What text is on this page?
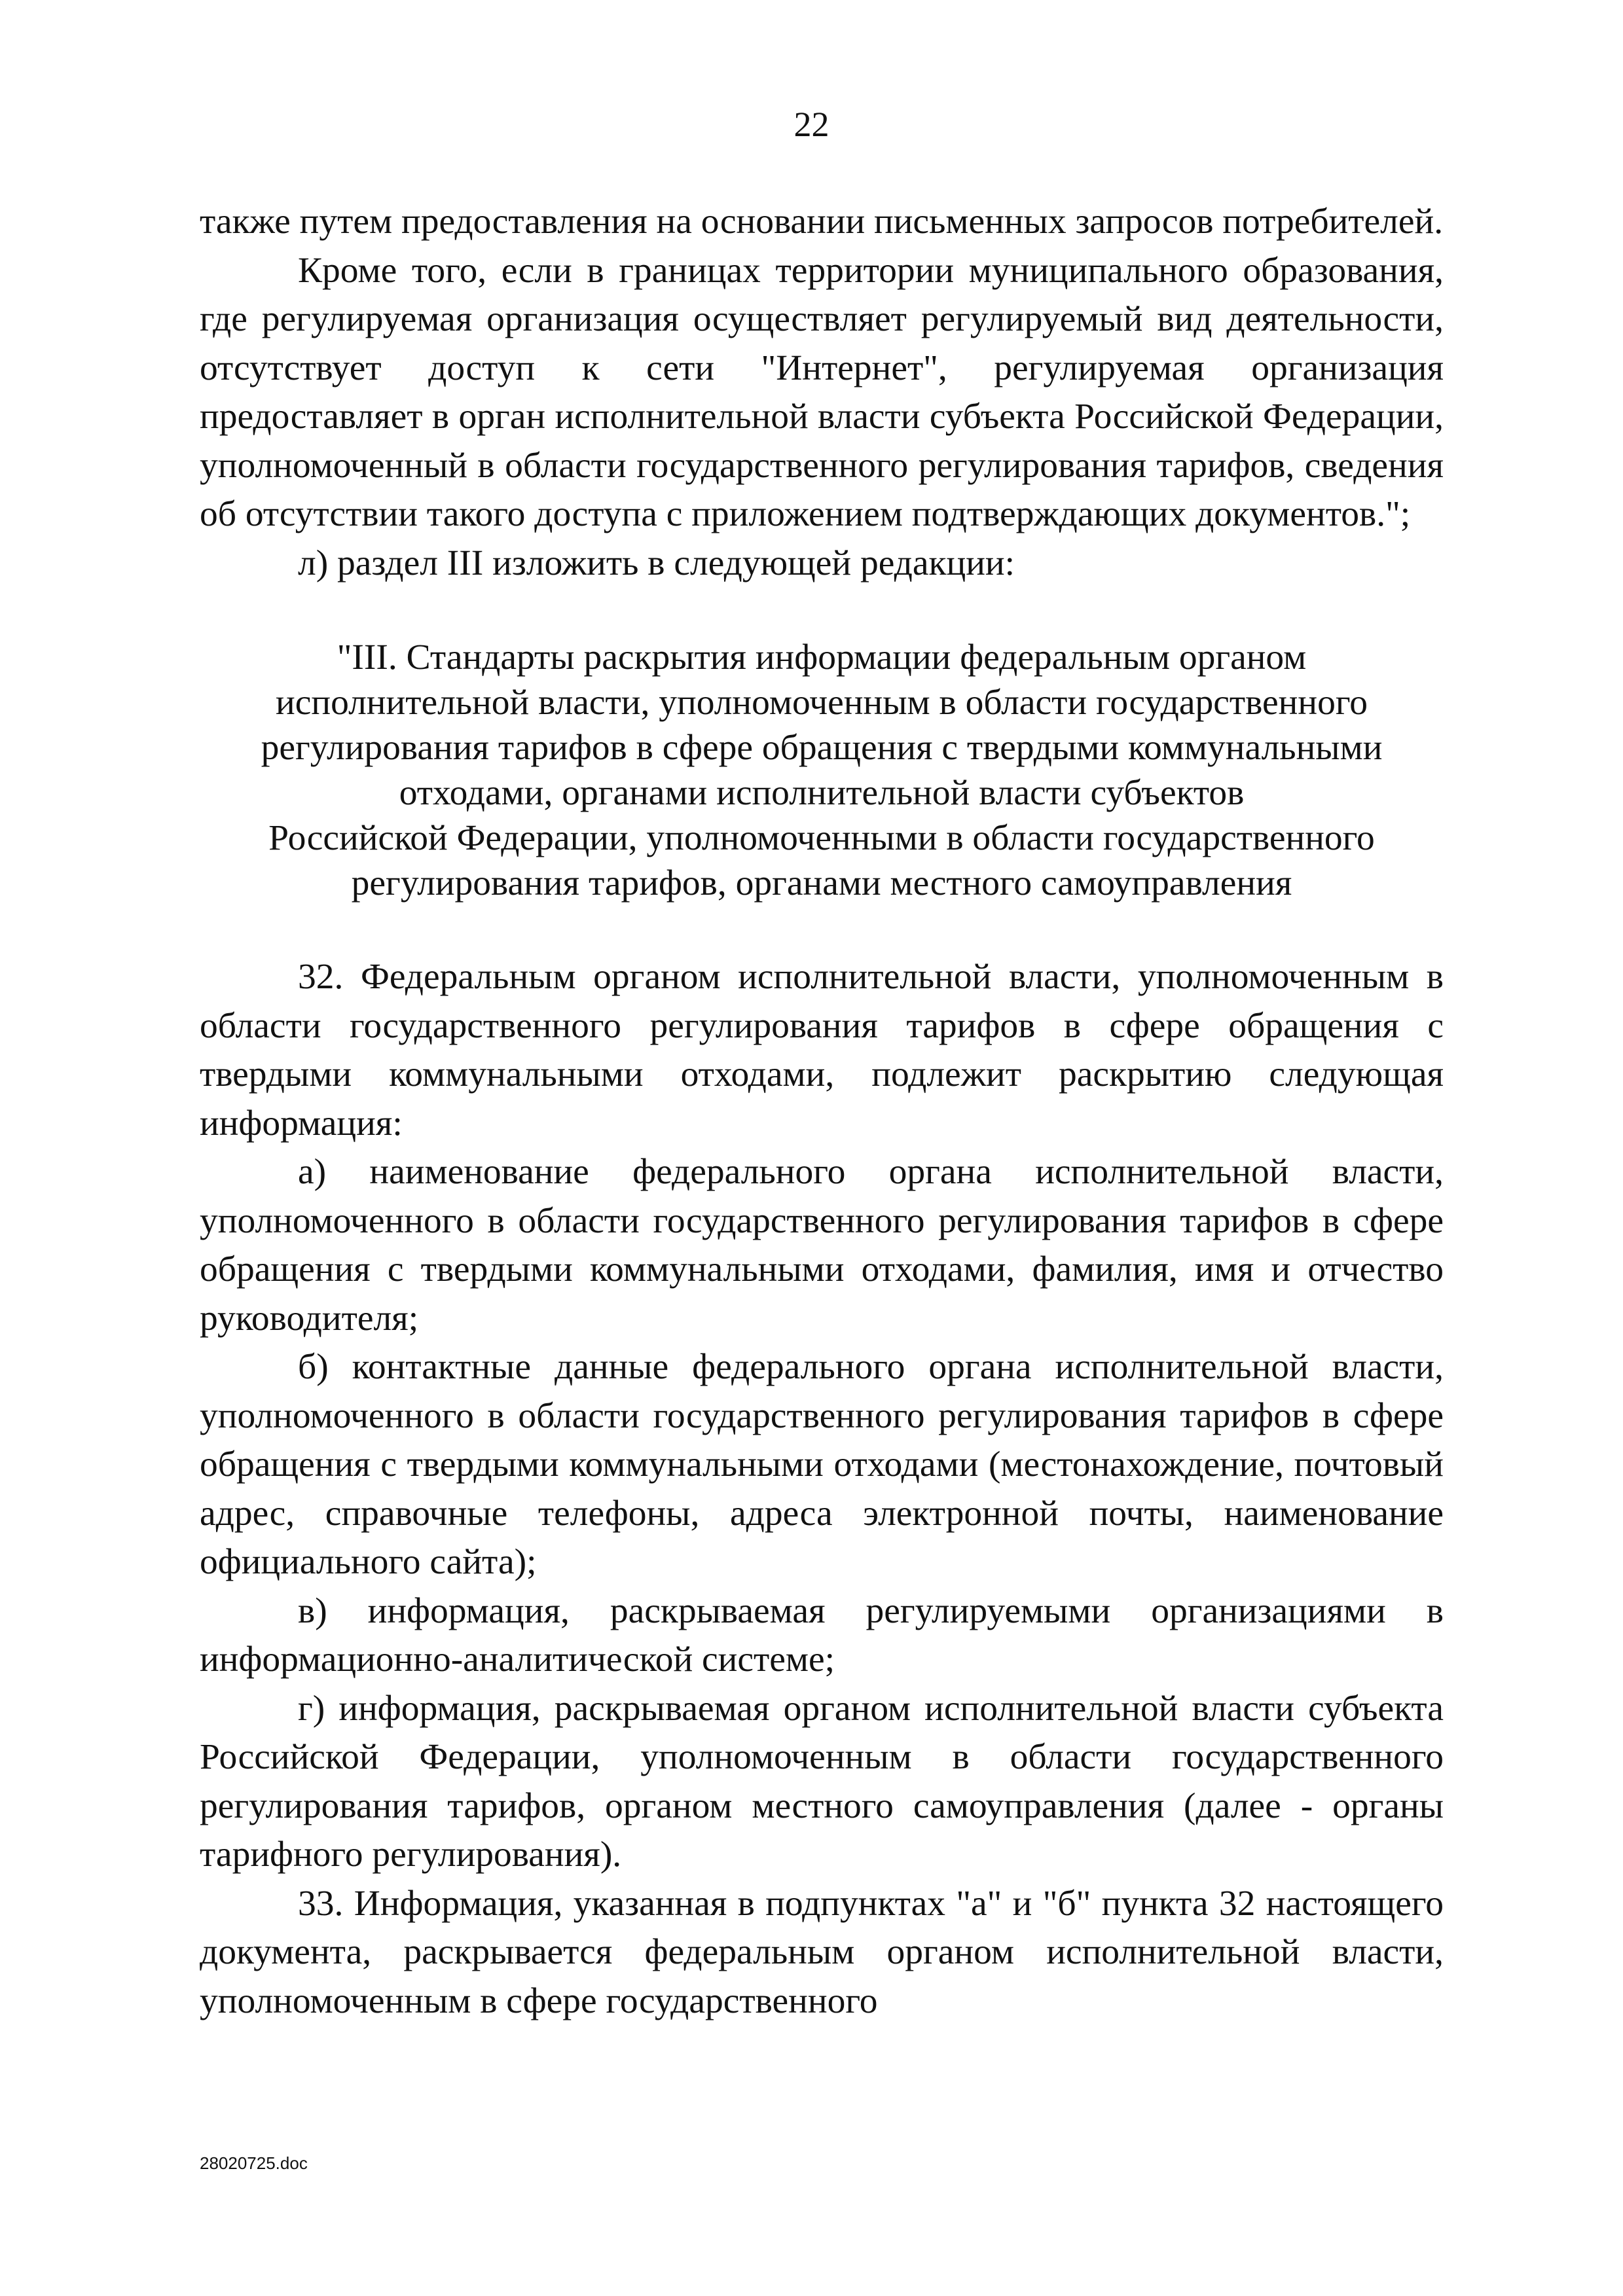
22

также путем предоставления на основании письменных запросов потребителей.

Кроме того, если в границах территории муниципального образования, где регулируемая организация осуществляет регулируемый вид деятельности, отсутствует доступ к сети "Интернет", регулируемая организация предоставляет в орган исполнительной власти субъекта Российской Федерации, уполномоченный в области государственного регулирования тарифов, сведения об отсутствии такого доступа с приложением подтверждающих документов.";

л) раздел III изложить в следующей редакции:

"III. Стандарты раскрытия информации федеральным органом
исполнительной власти, уполномоченным в области государственного
регулирования тарифов в сфере обращения с твердыми коммунальными
отходами, органами исполнительной власти субъектов
Российской Федерации, уполномоченными в области государственного
регулирования тарифов, органами местного самоуправления

32. Федеральным органом исполнительной власти, уполномоченным в области государственного регулирования тарифов в сфере обращения с твердыми коммунальными отходами, подлежит раскрытию следующая информация:

а) наименование федерального органа исполнительной власти, уполномоченного в области государственного регулирования тарифов в сфере обращения с твердыми коммунальными отходами, фамилия, имя и отчество руководителя;

б) контактные данные федерального органа исполнительной власти, уполномоченного в области государственного регулирования тарифов в сфере обращения с твердыми коммунальными отходами (местонахождение, почтовый адрес, справочные телефоны, адреса электронной почты, наименование официального сайта);

в) информация, раскрываемая регулируемыми организациями в информационно-аналитической системе;

г) информация, раскрываемая органом исполнительной власти субъекта Российской Федерации, уполномоченным в области государственного регулирования тарифов, органом местного самоуправления (далее - органы тарифного регулирования).

33. Информация, указанная в подпунктах "а" и "б" пункта 32 настоящего документа, раскрывается федеральным органом исполнительной власти, уполномоченным в сфере государственного

28020725.doc
